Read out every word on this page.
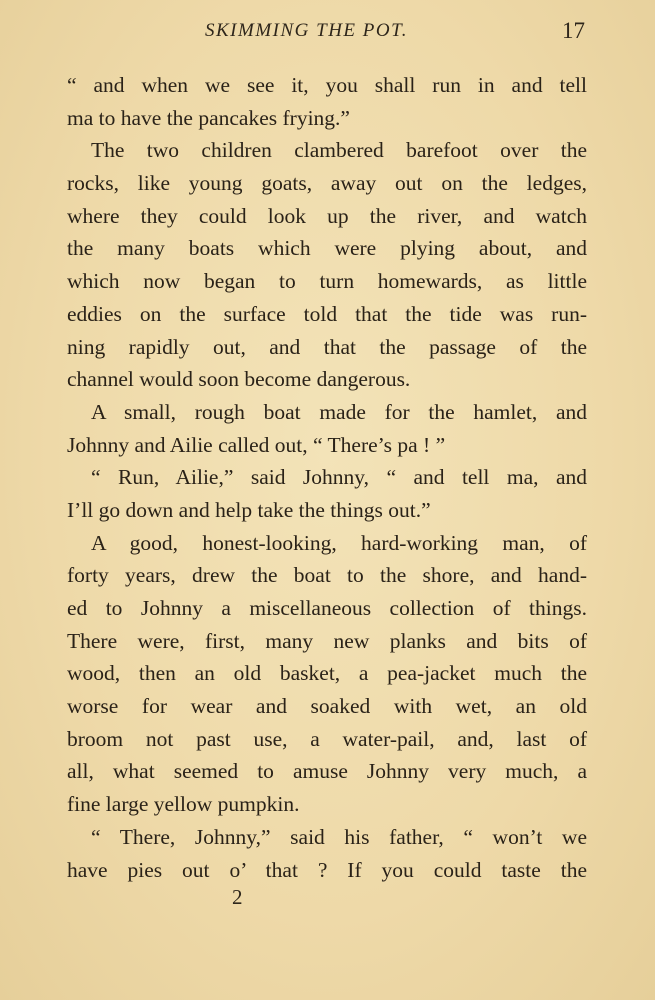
SKIMMING THE POT.	17
“ and when we see it, you shall run in and tell
ma to have the pancakes frying.”
The two children clambered barefoot over the
rocks, like young goats, away out on the ledges,
where they could look up the river, and watch
the many boats which were plying about, and
which now began to turn homewards, as little
eddies on the surface told that the tide was run-
ning rapidly out, and that the passage of the
channel would soon become dangerous.
A small, rough boat made for the hamlet, and
Johnny and Ailie called out, “ There’s pa ! ”
“ Run, Ailie,” said Johnny, “ and tell ma, and
I’ll go down and help take the things out.”
A good, honest-looking, hard-working man, of
forty years, drew the boat to the shore, and hand-
ed to Johnny a miscellaneous collection of things.
There were, first, many new planks and bits of
wood, then an old basket, a pea-jacket much the
worse for wear and soaked with wet, an old
broom not past use, a water-pail, and, last of
all, what seemed to amuse Johnny very much, a
fine large yellow pumpkin.
“ There, Johnny,” said his father, “ won’t we
have pies out o’ that ? If you could taste the
2
